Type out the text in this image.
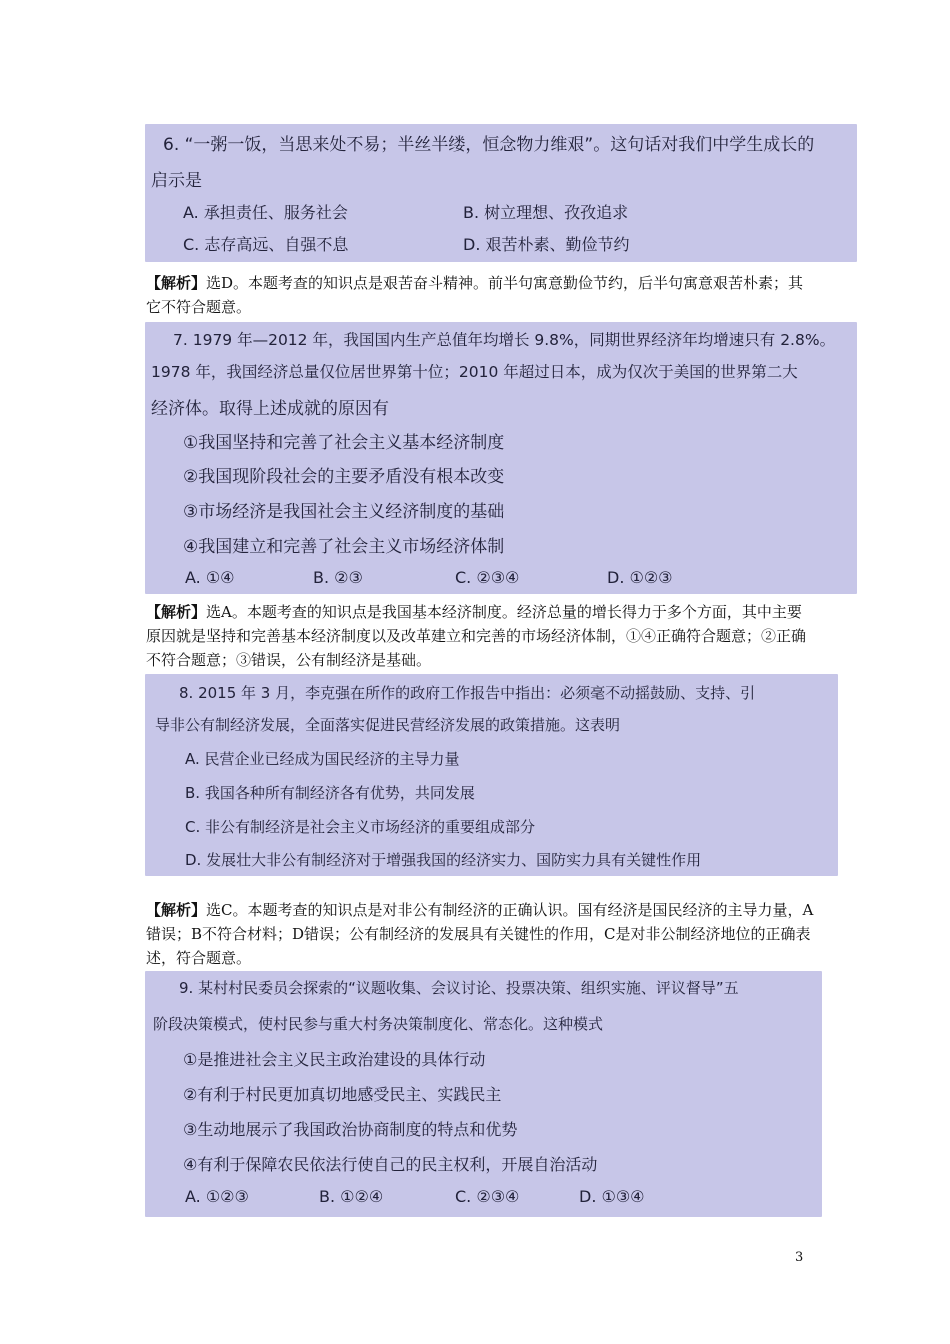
6. “一粥一饭，当思来处不易；半丝半缕，恒念物力维艰”。这句话对我们中学生成长的
启示是
A. 承担责任、服务社会	B. 树立理想、孜孜追求
C. 志存高远、自强不息	D. 艰苦朴素、勤俭节约
【解析】选D。本题考查的知识点是艰苦奋斗精神。前半句寓意勤俭节约，后半句寓意艰苦朴素；其它不符合题意。
7. 1979 年—2012 年，我国国内生产总值年均增长 9.8%，同期世界经济年均增速只有 2.8%。
1978 年，我国经济总量仅位居世界第十位；2010 年超过日本，成为仅次于美国的世界第二大
经济体。取得上述成就的原因有
①我国坚持和完善了社会主义基本经济制度
②我国现阶段社会的主要矛盾没有根本改变
③市场经济是我国社会主义经济制度的基础
④我国建立和完善了社会主义市场经济体制
A. ①④	B. ②③	C. ②③④	D. ①②③
【解析】选A。本题考查的知识点是我国基本经济制度。经济总量的增长得力于多个方面，其中主要原因就是坚持和完善基本经济制度以及改革建立和完善的市场经济体制，①④正确符合题意；②正确不符合题意；③错误，公有制经济是基础。
8. 2015 年 3 月，李克强在所作的政府工作报告中指出：必须毫不动摇鼓励、支持、引
导非公有制经济发展，全面落实促进民营经济发展的政策措施。这表明
A. 民营企业已经成为国民经济的主导力量
B. 我国各种所有制经济各有优势，共同发展
C. 非公有制经济是社会主义市场经济的重要组成部分
D. 发展壮大非公有制经济对于增强我国的经济实力、国防实力具有关键性作用
【解析】选C。本题考查的知识点是对非公有制经济的正确认识。国有经济是国民经济的主导力量，A错误；B不符合材料；D错误；公有制经济的发展具有关键性的作用，C是对非公制经济地位的正确表述，符合题意。
9. 某村村民委员会探索的“议题收集、会议讨论、投票决策、组织实施、评议督导”五
阶段决策模式，使村民参与重大村务决策制度化、常态化。这种模式
①是推进社会主义民主政治建设的具体行动
②有利于村民更加真切地感受民主、实践民主
③生动地展示了我国政治协商制度的特点和优势
④有利于保障农民依法行使自己的民主权利，开展自治活动
A. ①②③	B. ①②④	C. ②③④	D. ①③④
3
